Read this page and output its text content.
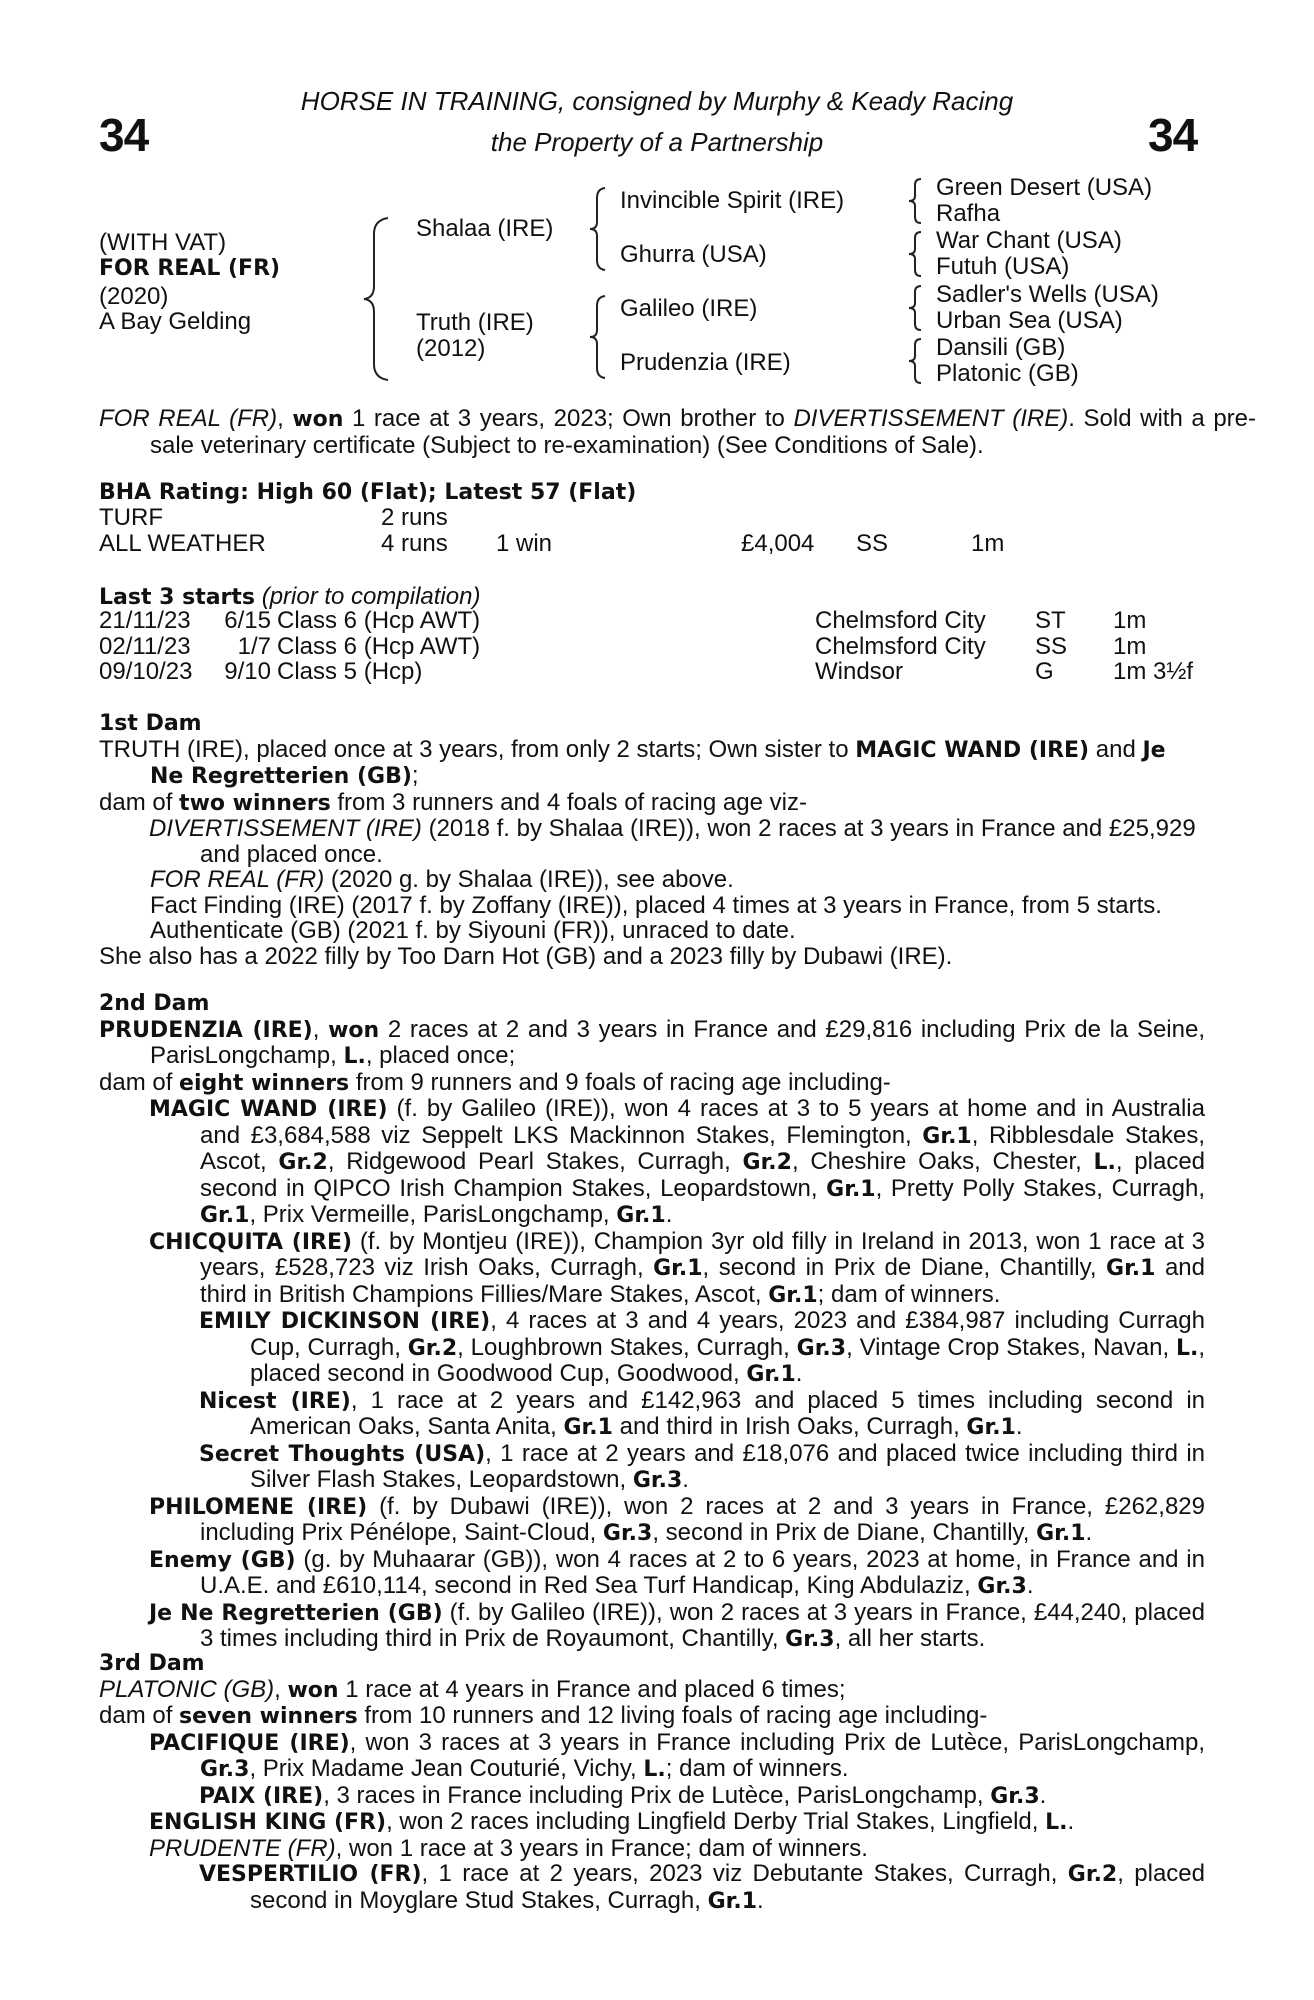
34	34
HORSE IN TRAINING, consigned by Murphy & Keady Racing
the Property of a Partnership
(WITH VAT)
FOR REAL (FR)
(2020)
A Bay Gelding
Shalaa (IRE)
Truth (IRE)
(2012)
Invincible Spirit (IRE)
Ghurra (USA)
Galileo (IRE)
Prudenzia (IRE)
Green Desert (USA)
Rafha
War Chant (USA)
Futuh (USA)
Sadler's Wells (USA)
Urban Sea (USA)
Dansili (GB)
Platonic (GB)
FOR REAL (FR), won 1 race at 3 years, 2023; Own brother to DIVERTISSEMENT (IRE). Sold with a pre-sale veterinary certificate (Subject to re-examination) (See Conditions of Sale).
BHA Rating: High 60 (Flat); Latest 57 (Flat)
TURF	2 runs				
ALL WEATHER	4 runs	1 win	£4,004	SS	1m
Last 3 starts (prior to compilation)
21/11/23	6/15	Class 6 (Hcp AWT)	Chelmsford City	ST	1m
02/11/23	1/7	Class 6 (Hcp AWT)	Chelmsford City	SS	1m
09/10/23	9/10	Class 5 (Hcp)	Windsor	G	1m 3½f

1st Dam

TRUTH (IRE), placed once at 3 years, from only 2 starts; Own sister to MAGIC WAND (IRE) and Je Ne Regretterien (GB);

dam of two winners from 3 runners and 4 foals of racing age viz-

DIVERTISSEMENT (IRE) (2018 f. by Shalaa (IRE)), won 2 races at 3 years in France and £25,929 and placed once.

FOR REAL (FR) (2020 g. by Shalaa (IRE)), see above.

Fact Finding (IRE) (2017 f. by Zoffany (IRE)), placed 4 times at 3 years in France, from 5 starts.

Authenticate (GB) (2021 f. by Siyouni (FR)), unraced to date.

She also has a 2022 filly by Too Darn Hot (GB) and a 2023 filly by Dubawi (IRE).

2nd Dam

PRUDENZIA (IRE), won 2 races at 2 and 3 years in France and £29,816 including Prix de la Seine, ParisLongchamp, L., placed once;

dam of eight winners from 9 runners and 9 foals of racing age including-

MAGIC WAND (IRE) (f. by Galileo (IRE)), won 4 races at 3 to 5 years at home and in Australia and £3,684,588 viz Seppelt LKS Mackinnon Stakes, Flemington, Gr.1, Ribblesdale Stakes, Ascot, Gr.2, Ridgewood Pearl Stakes, Curragh, Gr.2, Cheshire Oaks, Chester, L., placed second in QIPCO Irish Champion Stakes, Leopardstown, Gr.1, Pretty Polly Stakes, Curragh, Gr.1, Prix Vermeille, ParisLongchamp, Gr.1.

CHICQUITA (IRE) (f. by Montjeu (IRE)), Champion 3yr old filly in Ireland in 2013, won 1 race at 3 years, £528,723 viz Irish Oaks, Curragh, Gr.1, second in Prix de Diane, Chantilly, Gr.1 and third in British Champions Fillies/Mare Stakes, Ascot, Gr.1; dam of winners.

EMILY DICKINSON (IRE), 4 races at 3 and 4 years, 2023 and £384,987 including Curragh Cup, Curragh, Gr.2, Loughbrown Stakes, Curragh, Gr.3, Vintage Crop Stakes, Navan, L., placed second in Goodwood Cup, Goodwood, Gr.1.

Nicest (IRE), 1 race at 2 years and £142,963 and placed 5 times including second in American Oaks, Santa Anita, Gr.1 and third in Irish Oaks, Curragh, Gr.1.

Secret Thoughts (USA), 1 race at 2 years and £18,076 and placed twice including third in Silver Flash Stakes, Leopardstown, Gr.3.

PHILOMENE (IRE) (f. by Dubawi (IRE)), won 2 races at 2 and 3 years in France, £262,829 including Prix Pénélope, Saint-Cloud, Gr.3, second in Prix de Diane, Chantilly, Gr.1.

Enemy (GB) (g. by Muhaarar (GB)), won 4 races at 2 to 6 years, 2023 at home, in France and in U.A.E. and £610,114, second in Red Sea Turf Handicap, King Abdulaziz, Gr.3.

Je Ne Regretterien (GB) (f. by Galileo (IRE)), won 2 races at 3 years in France, £44,240, placed 3 times including third in Prix de Royaumont, Chantilly, Gr.3, all her starts.

3rd Dam

PLATONIC (GB), won 1 race at 4 years in France and placed 6 times;

dam of seven winners from 10 runners and 12 living foals of racing age including-

PACIFIQUE (IRE), won 3 races at 3 years in France including Prix de Lutèce, ParisLongchamp, Gr.3, Prix Madame Jean Couturié, Vichy, L.; dam of winners.

PAIX (IRE), 3 races in France including Prix de Lutèce, ParisLongchamp, Gr.3.

ENGLISH KING (FR), won 2 races including Lingfield Derby Trial Stakes, Lingfield, L..

PRUDENTE (FR), won 1 race at 3 years in France; dam of winners.

VESPERTILIO (FR), 1 race at 2 years, 2023 viz Debutante Stakes, Curragh, Gr.2, placed second in Moyglare Stud Stakes, Curragh, Gr.1.
